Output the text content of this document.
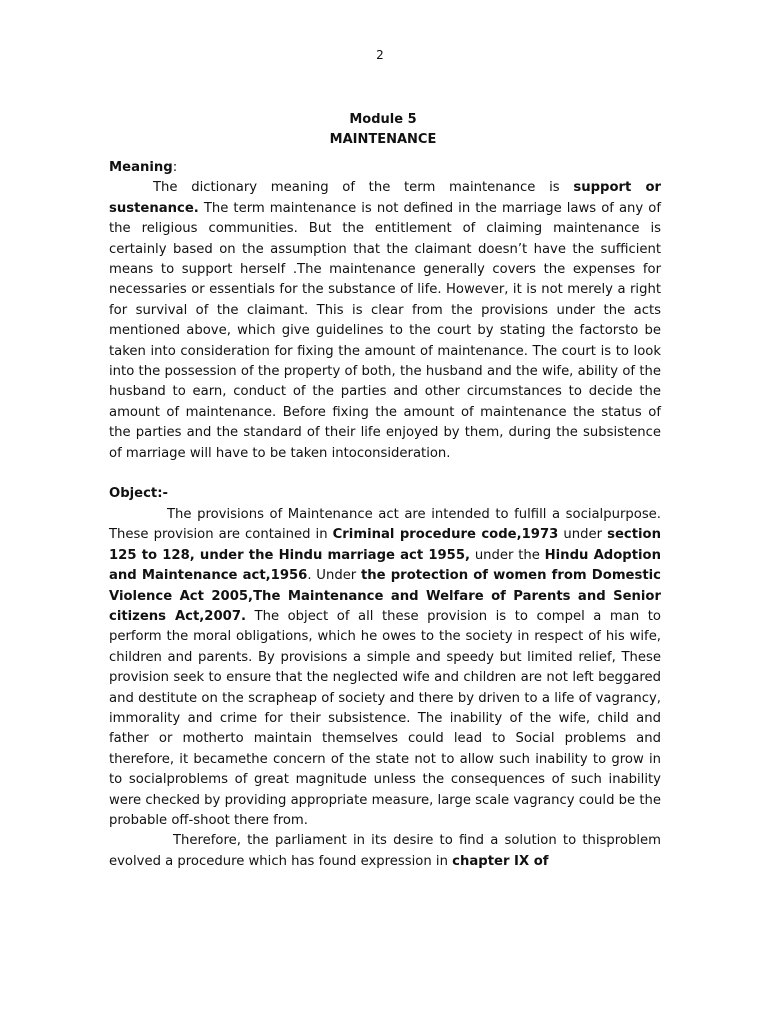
2
Module 5
MAINTENANCE

Meaning:

The dictionary meaning of the term maintenance is support or sustenance. The term maintenance is not defined in the marriage laws of any of the religious communities. But the entitlement of claiming maintenance is certainly based on the assumption that the claimant doesn’t have the sufficient means to support herself .The maintenance generally covers the expenses for necessaries or essentials for the substance of life. However, it is not merely a right for survival of the claimant. This is clear from the provisions under the acts mentioned above, which give guidelines to the court by stating the factorsto be taken into consideration for fixing the amount of maintenance. The court is to look into the possession of the property of both, the husband and the wife, ability of the husband to earn, conduct of the parties and other circumstances to decide the amount of maintenance. Before fixing the amount of maintenance the status of the parties and the standard of their life enjoyed by them, during the subsistence of marriage will have to be taken intoconsideration.

Object:-

The provisions of Maintenance act are intended to fulfill a socialpurpose. These provision are contained in Criminal procedure code,1973 under section 125 to 128, under the Hindu marriage act 1955, under the Hindu Adoption and Maintenance act,1956. Under the protection of women from Domestic Violence Act 2005,The Maintenance and Welfare of Parents and Senior citizens Act,2007. The object of all these provision is to compel a man to perform the moral obligations, which he owes to the society in respect of his wife, children and parents. By provisions a simple and speedy but limited relief, These provision seek to ensure that the neglected wife and children are not left beggared and destitute on the scrapheap of society and there by driven to a life of vagrancy, immorality and crime for their subsistence. The inability of the wife, child and father or motherto maintain themselves could lead to Social problems and therefore, it becamethe concern of the state not to allow such inability to grow in to socialproblems of great magnitude unless the consequences of such inability were checked by providing appropriate measure, large scale vagrancy could be the probable off-shoot there from.

Therefore, the parliament in its desire to find a solution to thisproblem evolved a procedure which has found expression in chapter IX of
